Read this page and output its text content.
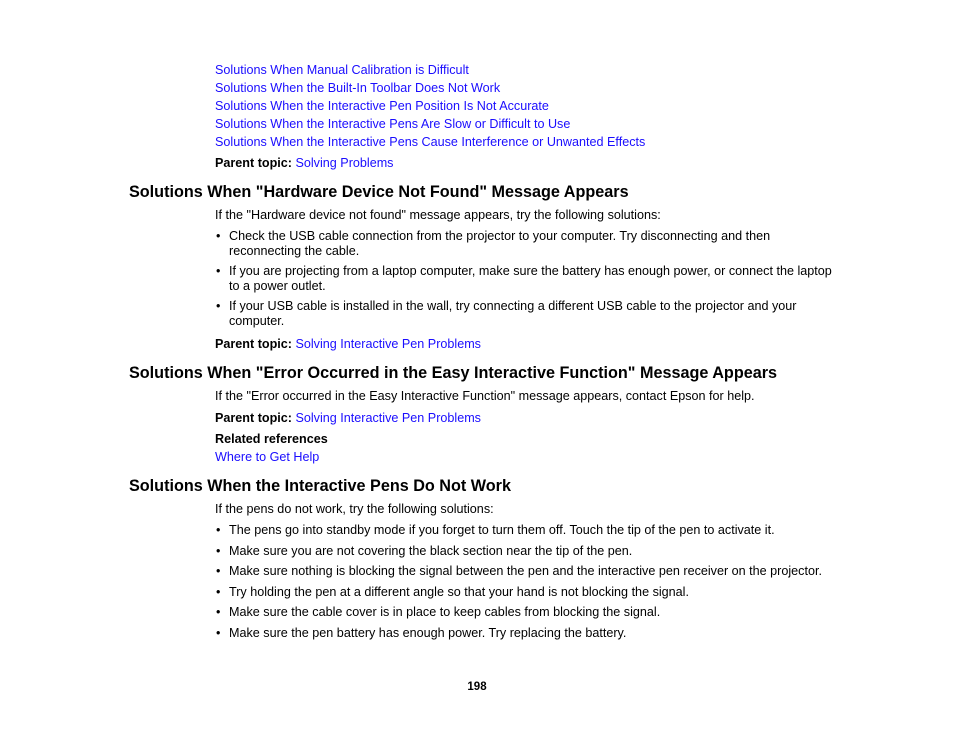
Solutions When Manual Calibration is Difficult
Solutions When the Built-In Toolbar Does Not Work
Solutions When the Interactive Pen Position Is Not Accurate
Solutions When the Interactive Pens Are Slow or Difficult to Use
Solutions When the Interactive Pens Cause Interference or Unwanted Effects
Parent topic: Solving Problems
Solutions When "Hardware Device Not Found" Message Appears
If the "Hardware device not found" message appears, try the following solutions:
• Check the USB cable connection from the projector to your computer. Try disconnecting and then reconnecting the cable.
• If you are projecting from a laptop computer, make sure the battery has enough power, or connect the laptop to a power outlet.
• If your USB cable is installed in the wall, try connecting a different USB cable to the projector and your computer.
Parent topic: Solving Interactive Pen Problems
Solutions When "Error Occurred in the Easy Interactive Function" Message Appears
If the "Error occurred in the Easy Interactive Function" message appears, contact Epson for help.
Parent topic: Solving Interactive Pen Problems
Related references
Where to Get Help
Solutions When the Interactive Pens Do Not Work
If the pens do not work, try the following solutions:
• The pens go into standby mode if you forget to turn them off. Touch the tip of the pen to activate it.
• Make sure you are not covering the black section near the tip of the pen.
• Make sure nothing is blocking the signal between the pen and the interactive pen receiver on the projector.
• Try holding the pen at a different angle so that your hand is not blocking the signal.
• Make sure the cable cover is in place to keep cables from blocking the signal.
• Make sure the pen battery has enough power. Try replacing the battery.
198
